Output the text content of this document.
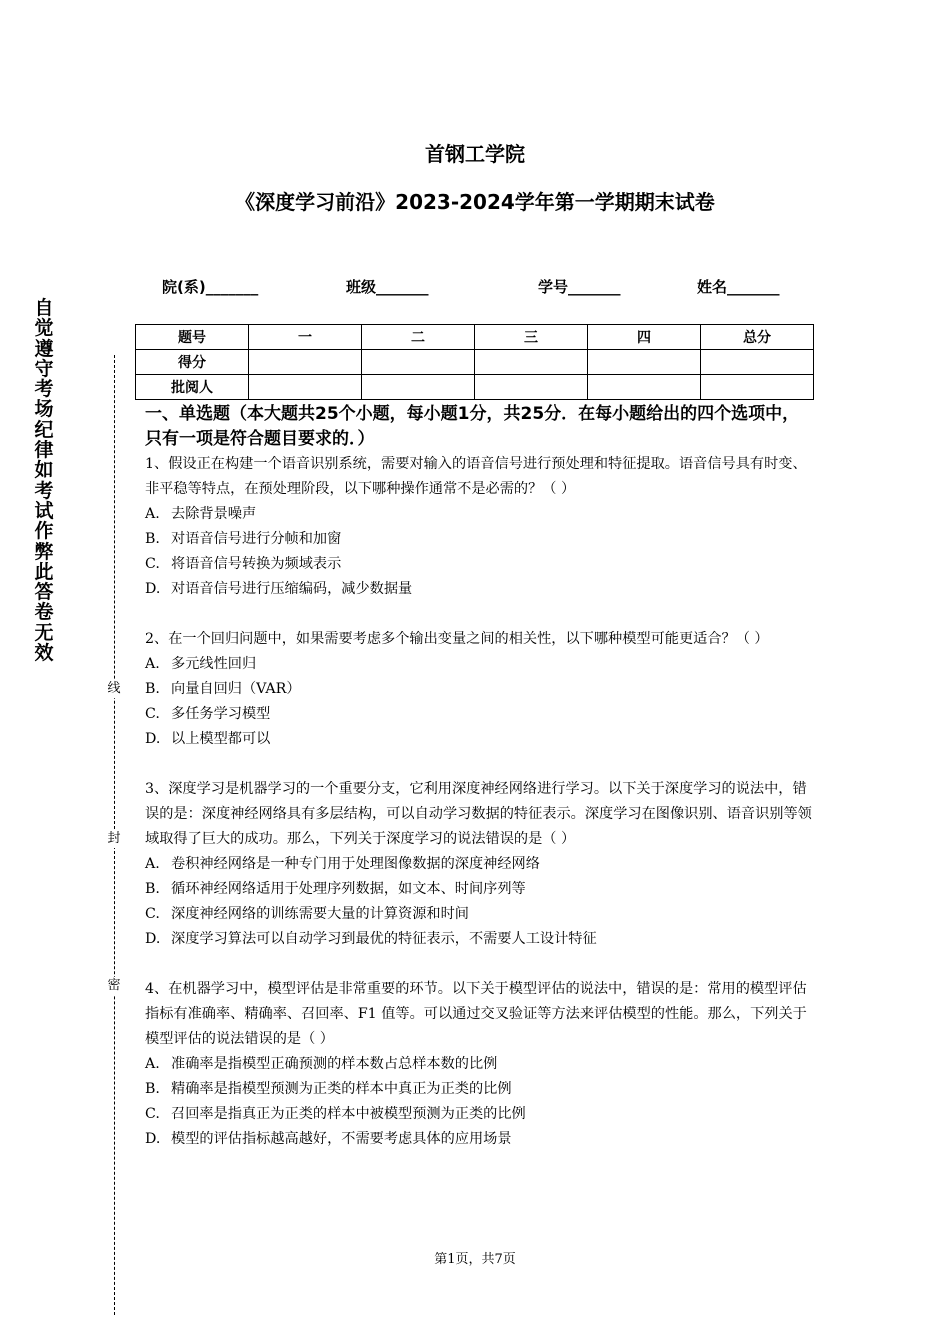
首钢工学院
《深度学习前沿》2023-2024学年第一学期期末试卷
院(系)_______	班级_______	学号_______	姓名_______
题号	一	二	三	四	总分
得分					
批阅人					
自
觉
遵
守
考
场
纪
律
如
考
试
作
弊
此
答
卷
无
效
线
封
密

一、单选题（本大题共25个小题，每小题1分，共25分．在每小题给出的四个选项中，只有一项是符合题目要求的．）

1、假设正在构建一个语音识别系统，需要对输入的语音信号进行预处理和特征提取。语音信号具有时变、非平稳等特点，在预处理阶段，以下哪种操作通常不是必需的？（ ）

A. 去除背景噪声

B. 对语音信号进行分帧和加窗

C. 将语音信号转换为频域表示

D. 对语音信号进行压缩编码，减少数据量

2、在一个回归问题中，如果需要考虑多个输出变量之间的相关性，以下哪种模型可能更适合？（ ）

A. 多元线性回归

B. 向量自回归（VAR）

C. 多任务学习模型

D. 以上模型都可以

3、深度学习是机器学习的一个重要分支，它利用深度神经网络进行学习。以下关于深度学习的说法中，错误的是：深度神经网络具有多层结构，可以自动学习数据的特征表示。深度学习在图像识别、语音识别等领域取得了巨大的成功。那么，下列关于深度学习的说法错误的是（ ）

A. 卷积神经网络是一种专门用于处理图像数据的深度神经网络

B. 循环神经网络适用于处理序列数据，如文本、时间序列等

C. 深度神经网络的训练需要大量的计算资源和时间

D. 深度学习算法可以自动学习到最优的特征表示，不需要人工设计特征

4、在机器学习中，模型评估是非常重要的环节。以下关于模型评估的说法中，错误的是：常用的模型评估指标有准确率、精确率、召回率、F1 值等。可以通过交叉验证等方法来评估模型的性能。那么，下列关于模型评估的说法错误的是（ ）

A. 准确率是指模型正确预测的样本数占总样本数的比例

B. 精确率是指模型预测为正类的样本中真正为正类的比例

C. 召回率是指真正为正类的样本中被模型预测为正类的比例

D. 模型的评估指标越高越好，不需要考虑具体的应用场景

第1页，共7页
